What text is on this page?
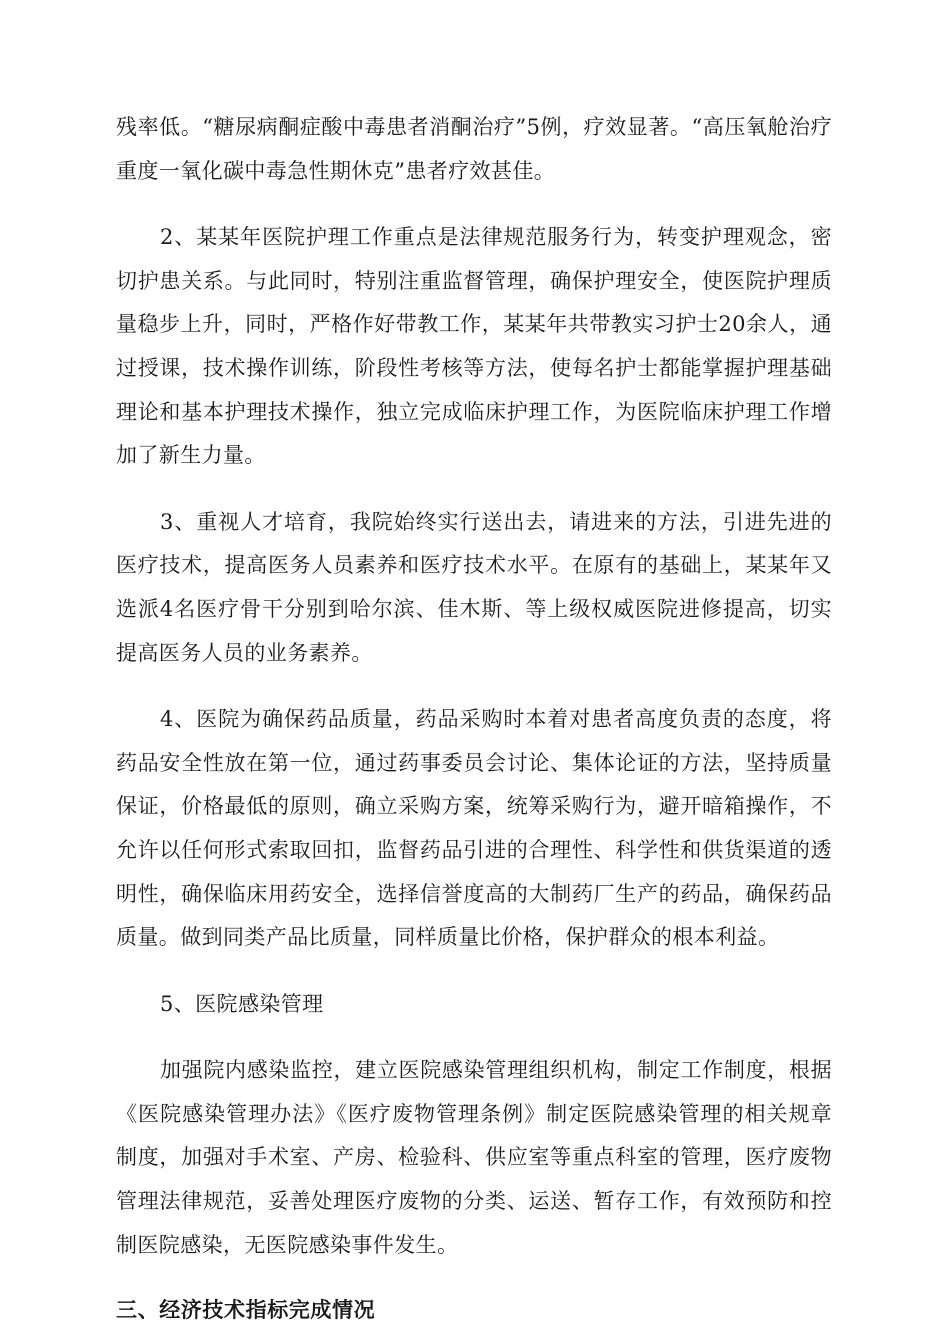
残率低。“糖尿病酮症酸中毒患者消酮治疗”5例，疗效显著。“高压氧舱治疗重度一氧化碳中毒急性期休克”患者疗效甚佳。

2、某某年医院护理工作重点是法律规范服务行为，转变护理观念，密切护患关系。与此同时，特别注重监督管理，确保护理安全，使医院护理质量稳步上升，同时，严格作好带教工作，某某年共带教实习护士20余人，通过授课，技术操作训练，阶段性考核等方法，使每名护士都能掌握护理基础理论和基本护理技术操作，独立完成临床护理工作，为医院临床护理工作增加了新生力量。

3、重视人才培育，我院始终实行送出去，请进来的方法，引进先进的医疗技术，提高医务人员素养和医疗技术水平。在原有的基础上，某某年又选派4名医疗骨干分别到哈尔滨、佳木斯、等上级权威医院进修提高，切实提高医务人员的业务素养。

4、医院为确保药品质量，药品采购时本着对患者高度负责的态度，将药品安全性放在第一位，通过药事委员会讨论、集体论证的方法，坚持质量保证，价格最低的原则，确立采购方案，统筹采购行为，避开暗箱操作，不允许以任何形式索取回扣，监督药品引进的合理性、科学性和供货渠道的透明性，确保临床用药安全，选择信誉度高的大制药厂生产的药品，确保药品质量。做到同类产品比质量，同样质量比价格，保护群众的根本利益。

5、医院感染管理

加强院内感染监控，建立医院感染管理组织机构，制定工作制度，根据《医院感染管理办法》《医疗废物管理条例》制定医院感染管理的相关规章制度，加强对手术室、产房、检验科、供应室等重点科室的管理，医疗废物管理法律规范，妥善处理医疗废物的分类、运送、暂存工作，有效预防和控制医院感染，无医院感染事件发生。

三、经济技术指标完成情况
